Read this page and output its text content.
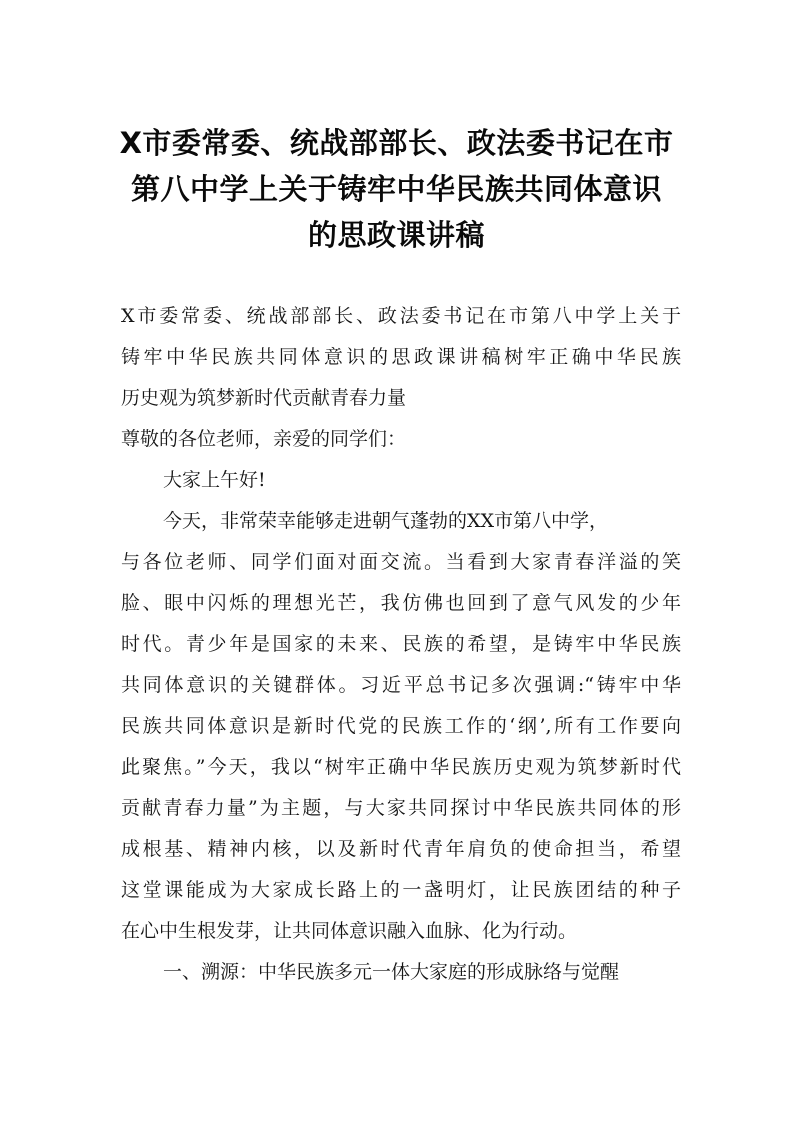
X市委常委、统战部部长、政法委书记在市
第八中学上关于铸牢中华民族共同体意识
的思政课讲稿
X市委常委、统战部部长、政法委书记在市第八中学上关于
铸牢中华民族共同体意识的思政课讲稿树牢正确中华民族
历史观为筑梦新时代贡献青春力量
尊敬的各位老师，亲爱的同学们：
大家上午好!
今天，非常荣幸能够走进朝气蓬勃的XX市第八中学，
与各位老师、同学们面对面交流。当看到大家青春洋溢的笑
脸、眼中闪烁的理想光芒，我仿佛也回到了意气风发的少年
时代。青少年是国家的未来、民族的希望，是铸牢中华民族
共同体意识的关键群体。习近平总书记多次强调:“铸牢中华
民族共同体意识是新时代党的民族工作的‘纲’,所有工作要向
此聚焦。”今天，我以“树牢正确中华民族历史观为筑梦新时代
贡献青春力量”为主题，与大家共同探讨中华民族共同体的形
成根基、精神内核，以及新时代青年肩负的使命担当，希望
这堂课能成为大家成长路上的一盏明灯，让民族团结的种子
在心中生根发芽，让共同体意识融入血脉、化为行动。
一、溯源：中华民族多元一体大家庭的形成脉络与觉醒
